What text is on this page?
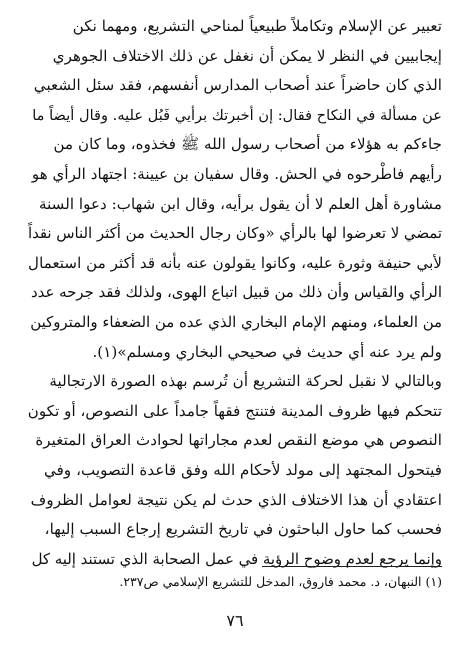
تعبير عن الإسلام وتكاملاً طبيعياً لمناحي التشريع، ومهما نكن
إيجابيين في النظر لا يمكن أن نغفل عن ذلك الاختلاف الجوهري
الذي كان حاضراً عند أصحاب المدارس أنفسهم، فقد سئل الشعبي
عن مسألة في النكاح فقال: إن أخبرتك برأيي فَبُل عليه. وقال أيضاً ما
جاءكم به هؤلاء من أصحاب رسول الله ﷺ فخذوه، وما كان من
رأيهم فاطْرحوه في الحش. وقال سفيان بن عيينة: اجتهاد الرأي هو
مشاورة أهل العلم لا أن يقول برأيه، وقال ابن شهاب: دعوا السنة
تمضي لا تعرضوا لها بالرأي «وكان رجال الحديث من أكثر الناس نقداً
لأبي حنيفة وثورة عليه، وكانوا يقولون عنه بأنه قد أكثر من استعمال
الرأي والقياس وأن ذلك من قبيل اتباع الهوى، ولذلك فقد جرحه عدد
من العلماء، ومنهم الإمام البخاري الذي عده من الضعفاء والمتروكين
ولم يرد عنه أي حديث في صحيحي البخاري ومسلم»(١).
وبالتالي لا نقبل لحركة التشريع أن تُرسم بهذه الصورة الارتجالية
تتحكم فيها ظروف المدينة فتنتج فقهاً جامداً على النصوص، أو تكون
النصوص هي موضع النقص لعدم مجاراتها لحوادث العراق المتغيرة
فيتحول المجتهد إلى مولد لأحكام الله وفق قاعدة التصويب، وفي
اعتقادي أن هذا الاختلاف الذي حدث لم يكن نتيجة لعوامل الظروف
فحسب كما حاول الباحثون في تاريخ التشريع إرجاع السبب إليها،
وإنما يرجع لعدم وضوح الرؤية في عمل الصحابة الذي تستند إليه كل
(١) النبهان، د. محمد فاروق، المدخل للتشريع الإسلامي ص٢٣٧.
٧٦
